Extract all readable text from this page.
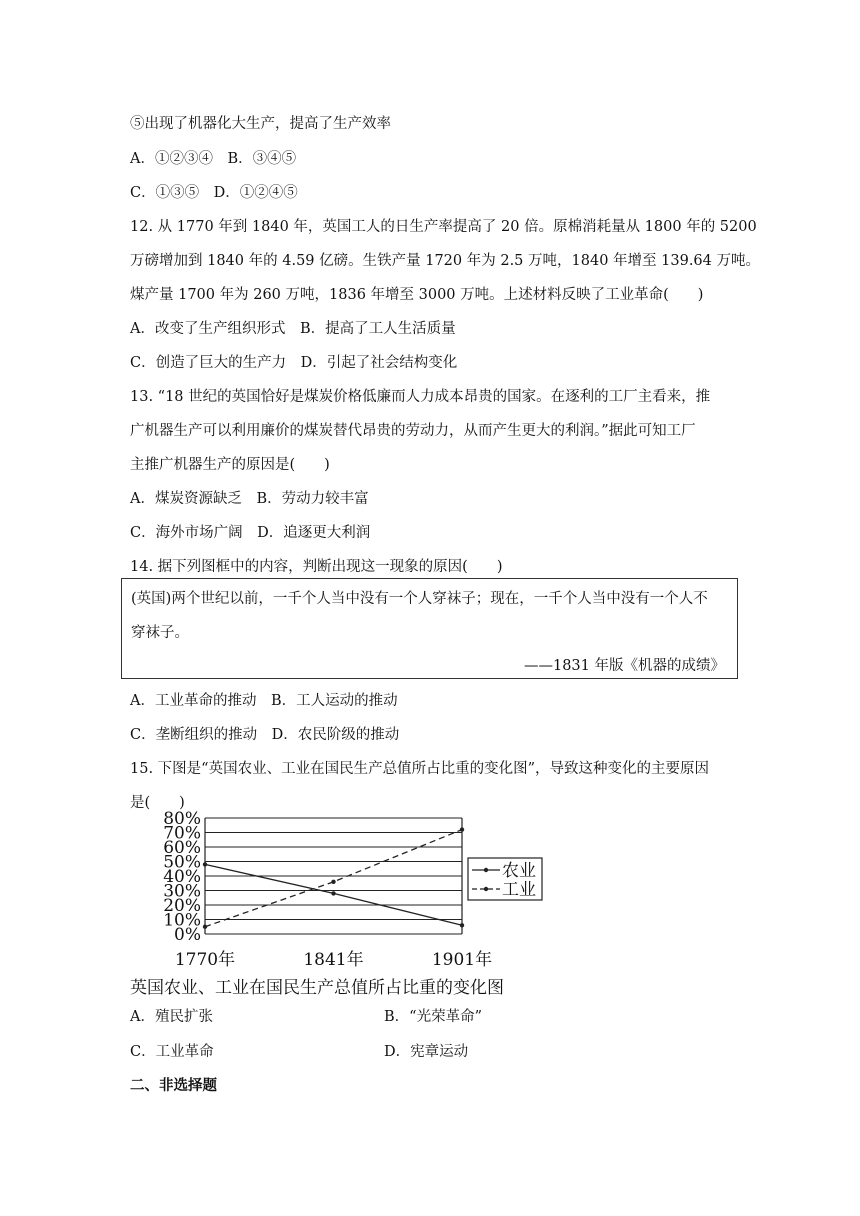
⑤出现了机器化大生产，提高了生产效率
A．①②③④　B．③④⑤
C．①③⑤　D．①②④⑤
12. 从 1770 年到 1840 年，英国工人的日生产率提高了 20 倍。原棉消耗量从 1800 年的 5200
万磅增加到 1840 年的 4.59 亿磅。生铁产量 1720 年为 2.5 万吨，1840 年增至 139.64 万吨。
煤产量 1700 年为 260 万吨，1836 年增至 3000 万吨。上述材料反映了工业革命(　　)
A．改变了生产组织形式　B．提高了工人生活质量
C．创造了巨大的生产力　D．引起了社会结构变化
13. “18 世纪的英国恰好是煤炭价格低廉而人力成本昂贵的国家。在逐利的工厂主看来，推
广机器生产可以利用廉价的煤炭替代昂贵的劳动力，从而产生更大的利润。”据此可知工厂
主推广机器生产的原因是(　　)
A．煤炭资源缺乏　B．劳动力较丰富
C．海外市场广阔　D．追逐更大利润
14. 据下列图框中的内容，判断出现这一现象的原因(　　)
(英国)两个世纪以前，一千个人当中没有一个人穿袜子；现在，一千个人当中没有一个人不
穿袜子。
——1831 年版《机器的成绩》
A．工业革命的推动　B．工人运动的推动
C．垄断组织的推动　D．农民阶级的推动
15. 下图是“英国农业、工业在国民生产总值所占比重的变化图”，导致这种变化的主要原因
是(　　)
80%
70%
60%
50%
40%
30%
20%
10%
0%
1770年	1841年	1901年
农业
工业
英国农业、工业在国民生产总值所占比重的变化图
A．殖民扩张	B．“光荣革命”
C．工业革命	D．宪章运动
二、非选择题
